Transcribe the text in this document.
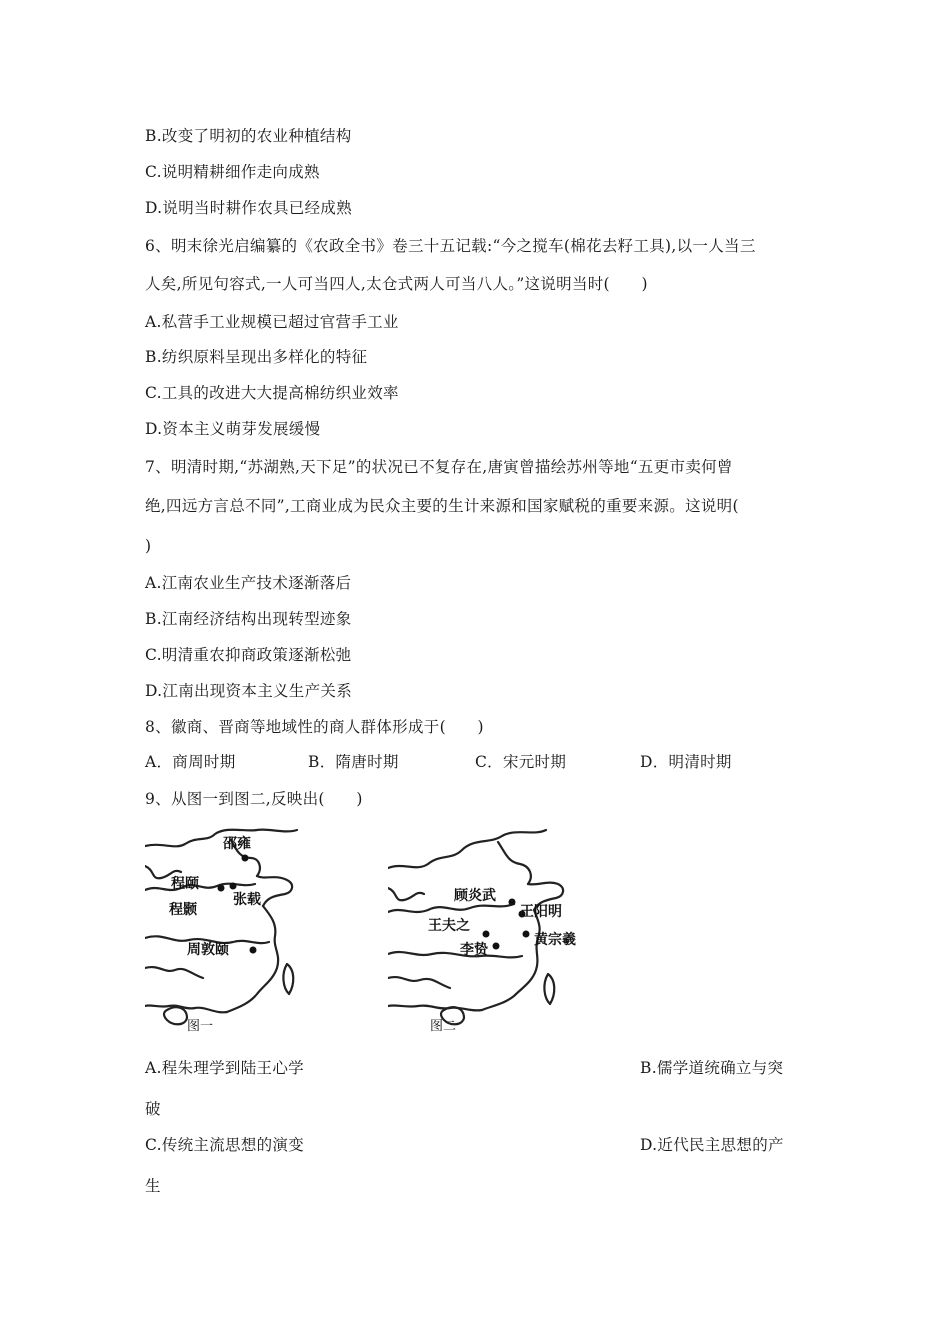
B.改变了明初的农业种植结构
C.说明精耕细作走向成熟
D.说明当时耕作农具已经成熟
6、明末徐光启编纂的《农政全书》卷三十五记载:“今之搅车(棉花去籽工具),以一人当三
人矣,所见句容式,一人可当四人,太仓式两人可当八人。”这说明当时(　　)
A.私营手工业规模已超过官营手工业
B.纺织原料呈现出多样化的特征
C.工具的改进大大提高棉纺织业效率
D.资本主义萌芽发展缓慢
7、明清时期,“苏湖熟,天下足”的状况已不复存在,唐寅曾描绘苏州等地“五更市卖何曾
绝,四远方言总不同”,工商业成为民众主要的生计来源和国家赋税的重要来源。这说明(
)
A.江南农业生产技术逐渐落后
B.江南经济结构出现转型迹象
C.明清重农抑商政策逐渐松弛
D.江南出现资本主义生产关系
8、徽商、晋商等地域性的商人群体形成于(　　)
A．商周时期	B．隋唐时期	C．宋元时期	D．明清时期
9、从图一到图二,反映出(　　)
邵雍
程颐
张载
程颢
周敦颐
图一
顾炎武
王阳明
王夫之
黄宗羲
李贽
图二
A.程朱理学到陆王心学	B.儒学道统确立与突
破
C.传统主流思想的演变	D.近代民主思想的产
生
